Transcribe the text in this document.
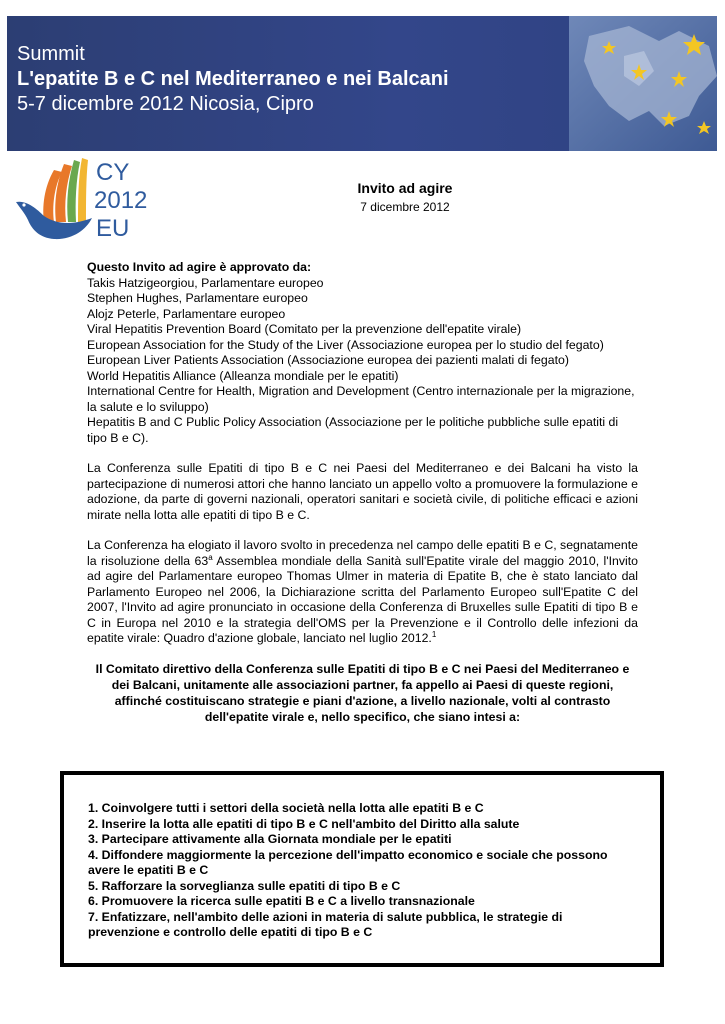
Summit
L'epatite B e C nel Mediterraneo e nei Balcani
5-7 dicembre 2012 Nicosia, Cipro
CY
2012
EU
Invito ad agire
7 dicembre 2012

Questo Invito ad agire è approvato da:

Takis Hatzigeorgiou, Parlamentare europeo

Stephen Hughes, Parlamentare europeo

Alojz Peterle, Parlamentare europeo

Viral Hepatitis Prevention Board (Comitato per la prevenzione dell'epatite virale)

European Association for the Study of the Liver (Associazione europea per lo studio del fegato)

European Liver Patients Association (Associazione europea dei pazienti malati di fegato)

World Hepatitis Alliance (Alleanza mondiale per le epatiti)

International Centre for Health, Migration and Development (Centro internazionale per la migrazione, la salute e lo sviluppo)

Hepatitis B and C Public Policy Association (Associazione per le politiche pubbliche sulle epatiti di tipo B e C).

La Conferenza sulle Epatiti di tipo B e C nei Paesi del Mediterraneo e dei Balcani ha visto la partecipazione di numerosi attori che hanno lanciato un appello volto a promuovere la formulazione e adozione, da parte di governi nazionali, operatori sanitari e società civile, di politiche efficaci e azioni mirate nella lotta alle epatiti di tipo B e C.

La Conferenza ha elogiato il lavoro svolto in precedenza nel campo delle epatiti B e C, segnatamente la risoluzione della 63$^a$ Assemblea mondiale della Sanità sull'Epatite virale del maggio 2010, l'Invito ad agire del Parlamentare europeo Thomas Ulmer in materia di Epatite B, che è stato lanciato dal Parlamento Europeo nel 2006, la Dichiarazione scritta del Parlamento Europeo sull'Epatite C del 2007, l'Invito ad agire pronunciato in occasione della Conferenza di Bruxelles sulle Epatiti di tipo B e C in Europa nel 2010 e la strategia dell'OMS per la Prevenzione e il Controllo delle infezioni da epatite virale: Quadro d'azione globale, lanciato nel luglio 2012.$^1$

Il Comitato direttivo della Conferenza sulle Epatiti di tipo B e C nei Paesi del Mediterraneo e dei Balcani, unitamente alle associazioni partner, fa appello ai Paesi di queste regioni, affinché costituiscano strategie e piani d'azione, a livello nazionale, volti al contrasto dell'epatite virale e, nello specifico, che siano intesi a:

1. Coinvolgere tutti i settori della società nella lotta alle epatiti B e C
2. Inserire la lotta alle epatiti di tipo B e C nell'ambito del Diritto alla salute
3. Partecipare attivamente alla Giornata mondiale per le epatiti
4. Diffondere maggiormente la percezione dell'impatto economico e sociale che possono avere le epatiti B e C
5. Rafforzare la sorveglianza sulle epatiti di tipo B e C
6. Promuovere la ricerca sulle epatiti B e C a livello transnazionale
7. Enfatizzare, nell'ambito delle azioni in materia di salute pubblica, le strategie di prevenzione e controllo delle epatiti di tipo B e C
